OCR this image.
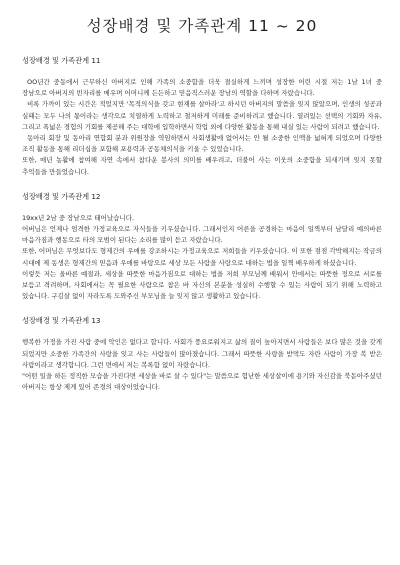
성장배경 및 가족관계 11 ~ 20

성장배경 및 가족관계 11

OO년간 중동에서 근무하신 아버지로 인해 가족의 소중함을 더욱 절실하게 느끼며 성장한 어린 시절 저는 1남 1녀 중 장남으로 아버지의 빈자리를 메우며 어머니께 든든하고 믿음직스러운 장남의 역할을 다하며 자랐습니다.

비록 가까이 있는 시간은 적었지만 '목적의식을 갖고 현재를 살아라'고 하시던 아버지의 말씀을 잊지 않았으며, 인생의 성공과 실패는 모두 나의 몫이라는 생각으로 치열하게 노력하고 철저하게 미래를 준비하려고 했습니다. 열려있는 선택의 기회와 자유, 그리고 폭넓은 경험의 기회를 제공해 주는 대학에 입학하면서 학업 외에 다양한 활동을 통해 내실 있는 사람이 되려고 했습니다.

동아리 회장 및 동아리 연합회 분과 위원장을 역임하면서 사회생활에 없어서는 안 될 소중한 인맥을 넓혀게 되었으며 다양한 조직 활동을 통해 리더십을 포함해 포용력과 공동체의식을 키울 수 있었습니다.

또한, 매년 농활에 참여해 자연 속에서 참다운 봉사의 의미를 배우려고, 더불어 사는 이웃의 소중함을 되새기며 잊지 못할 추억들을 만들었습니다.

성장배경 및 가족관계 12

19xx년 2남 중 장남으로 태어났습니다.

어버님은 언제나 엄격한 가정교육으로 자식들을 키우셨습니다. 그래서인지 어른을 공경하는 마음이 일찍부터 남달리 예의바른 마음가짐과 행동으로 타의 모범이 된다는 소리를 많이 듣고 자랐습니다.

또한, 어머님은 무엇보다도 형제간의 우애를 강조하시는 가정교육으로 저희들을 키우셨습니다. 이 또한 점점 각박해지는 작금의 시대에 제 동생은 형제간의 믿음과 우애를 바탕으로 세상 모든 사람을 사랑으로 대하는 법을 일찍 배우하게 하셨습니다.

이렇듯 저는 올바른 예절과, 세상을 따뜻한 마음가짐으로 대하는 법을 저희 부모님께 배워서 안에서는 따뜻한 정으로 서로를 보듬고 격려하며, 사회에서는 꼭 필요한 사람으로 참은 바 자신의 본분을 성실히 수행할 수 있는 사람이 되기 위해 노력하고 있습니다. 구김살 없이 자라도록 도와주신 부모님을 늘 잊지 않고 생활하고 있습니다.

성장배경 및 가족관계 13

행복한 가정을 가진 사람 중에 악인은 없다고 합니다. 사회가 풍요로워지고 삶의 질이 높아지면서 사람들은 보다 많은 것을 갖게 되었지만 소중한 가족간의 사랑을 잊고 사는 사람들이 많아졌습니다. 그래서 따뜻한 사랑을 받먹도 자란 사람이 가장 복 받은 사람이라고 생각합니다. 그런 면에서 저는 복록함 없이 자랐습니다.

"어떤 일을 하든 정직한 모습을 가진다면 세상을 바로 살 수 있다"는 말씀으로 험난한 세상살이에 용기와 자신감을 북돋아주셨던 아버지는 항상 제게 있어 존경의 대상이었습니다.
